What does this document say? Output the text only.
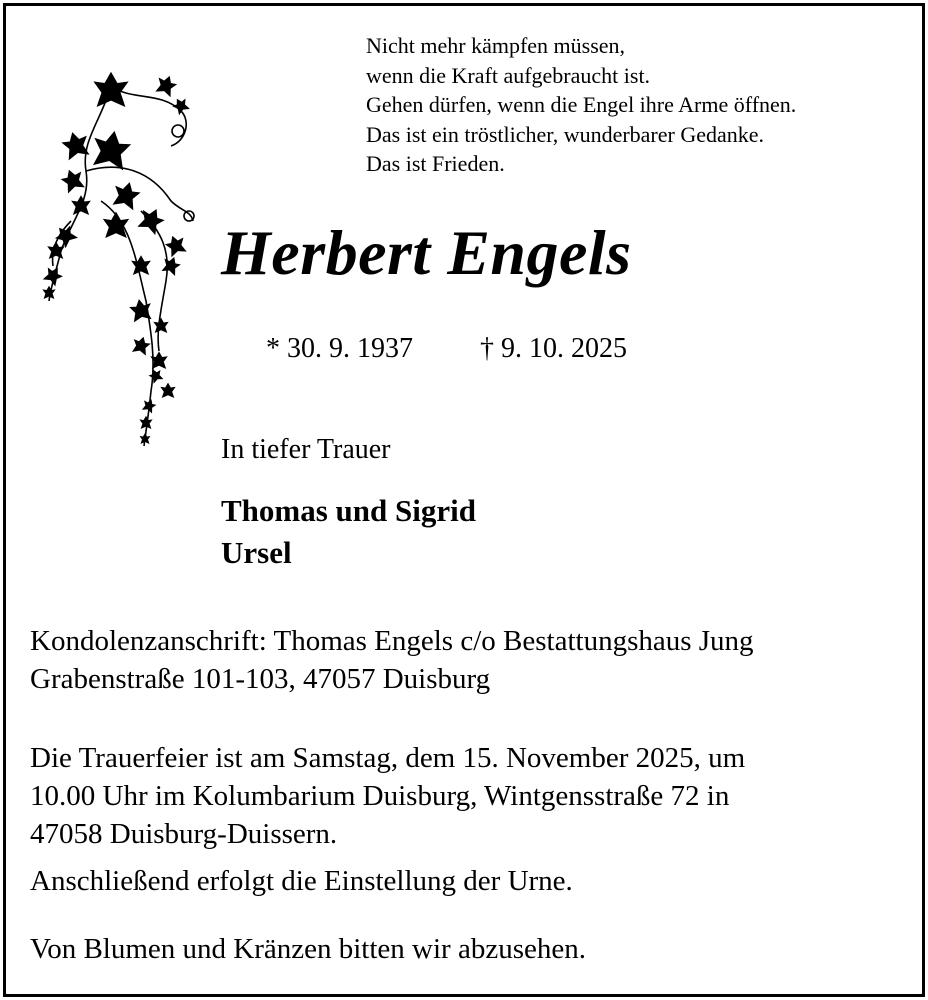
Nicht mehr kämpfen müssen,
wenn die Kraft aufgebraucht ist.
Gehen dürfen, wenn die Engel ihre Arme öffnen.
Das ist ein tröstlicher, wunderbarer Gedanke.
Das ist Frieden.
Herbert Engels
* 30. 9. 1937 † 9. 10. 2025
In tiefer Trauer
Thomas und Sigrid
Ursel
Kondolenzanschrift: Thomas Engels c/o Bestattungshaus Jung
Grabenstraße 101-103, 47057 Duisburg
Die Trauerfeier ist am Samstag, dem 15. November 2025, um
10.00 Uhr im Kolumbarium Duisburg, Wintgensstraße 72 in
47058 Duisburg-Duissern.
Anschließend erfolgt die Einstellung der Urne.
Von Blumen und Kränzen bitten wir abzusehen.
